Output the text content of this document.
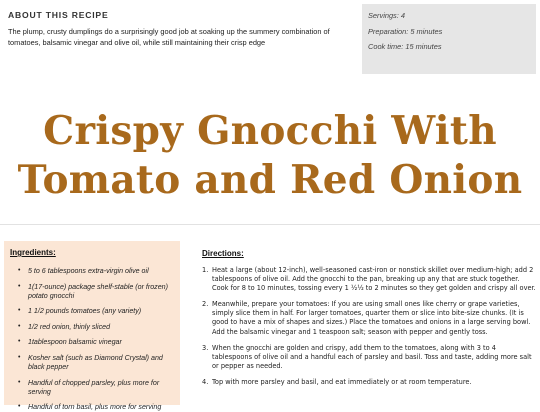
ABOUT THIS RECIPE

The plump, crusty dumplings do a surprisingly good job at soaking up the summery combination of tomatoes, balsamic vinegar and olive oil, while still maintaining their crisp edge

Servings: 4
Preparation: 5 minutes
Cook time: 15 minutes
Crispy Gnocchi With
Tomato and Red Onion
Ingredients:
• 5 to 6 tablespoons extra-virgin olive oil
• 1(17-ounce) package shelf-stable (or frozen) potato gnocchi
• 1 1/2 pounds tomatoes (any variety)
• 1/2 red onion, thinly sliced
• 1tablespoon balsamic vinegar
• Kosher salt (such as Diamond Crystal) and black pepper
• Handful of chopped parsley, plus more for serving
• Handful of torn basil, plus more for serving
Directions:
1. Heat a large (about 12-inch), well-seasoned cast-iron or nonstick skillet over medium-high; add 2 tablespoons of olive oil. Add the gnocchi to the pan, breaking up any that are stuck together. Cook for 8 to 10 minutes, tossing every 1 ½½ to 2 minutes so they get golden and crispy all over.
2. Meanwhile, prepare your tomatoes: If you are using small ones like cherry or grape varieties, simply slice them in half. For larger tomatoes, quarter them or slice into bite-size chunks. (It is good to have a mix of shapes and sizes.) Place the tomatoes and onions in a large serving bowl. Add the balsamic vinegar and 1 teaspoon salt; season with pepper and gently toss.
3. When the gnocchi are golden and crispy, add them to the tomatoes, along with 3 to 4 tablespoons of olive oil and a handful each of parsley and basil. Toss and taste, adding more salt or pepper as needed.
4. Top with more parsley and basil, and eat immediately or at room temperature.
